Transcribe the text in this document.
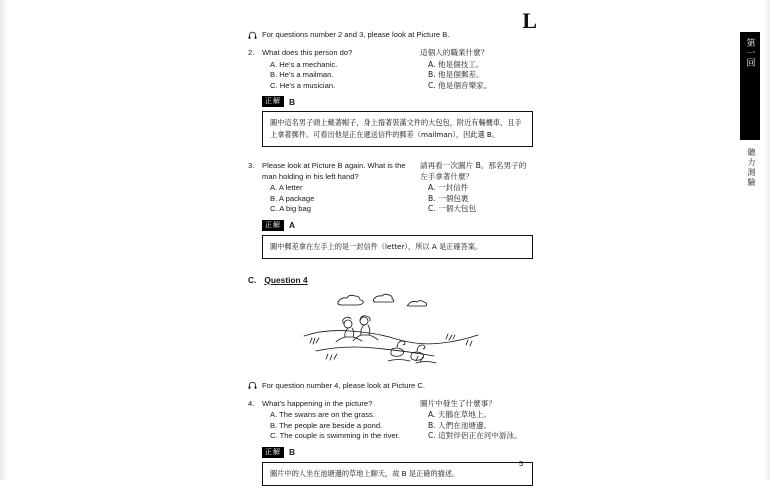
L
第一回
聽力測驗
For questions number 2 and 3, please look at Picture B.
2.	What does this person do?
A. He's a mechanic.
B. He's a mailman.
C. He's a musician.
這個人的職業什麼？
A. 他是個技工。
B. 他是個郵差。
C. 他是個音樂家。
正解 B
圖中這名男子頭上戴著帽子，身上揹著裝滿文件的大包包，附近有輛機車，且手上拿著郵件。可看出他是正在遞送信件的郵差（mailman），因此選 B。
3.	Please look at Picture B again. What is the man holding in his left hand?
A. A letter
B. A package
C. A big bag
請再看一次圖片 B。那名男子的左手拿著什麼？
A. 一封信件
B. 一個包裹
C. 一個大包包
正解 A
圖中郵差拿在左手上的是一封信件（letter），所以 A 是正確答案。
C. Question 4
For question number 4, please look at Picture C.
4.	What's happening in the picture?
A. The swans are on the grass.
B. The people are beside a pond.
C. The couple is swimming in the river.
圖片中發生了什麼事？
A. 天鵝在草地上。
B. 人們在池塘邊。
C. 這對伴侶正在河中游泳。
正解 B
圖片中的人坐在池塘邊的草地上聊天，故 B 是正確的描述。
5
